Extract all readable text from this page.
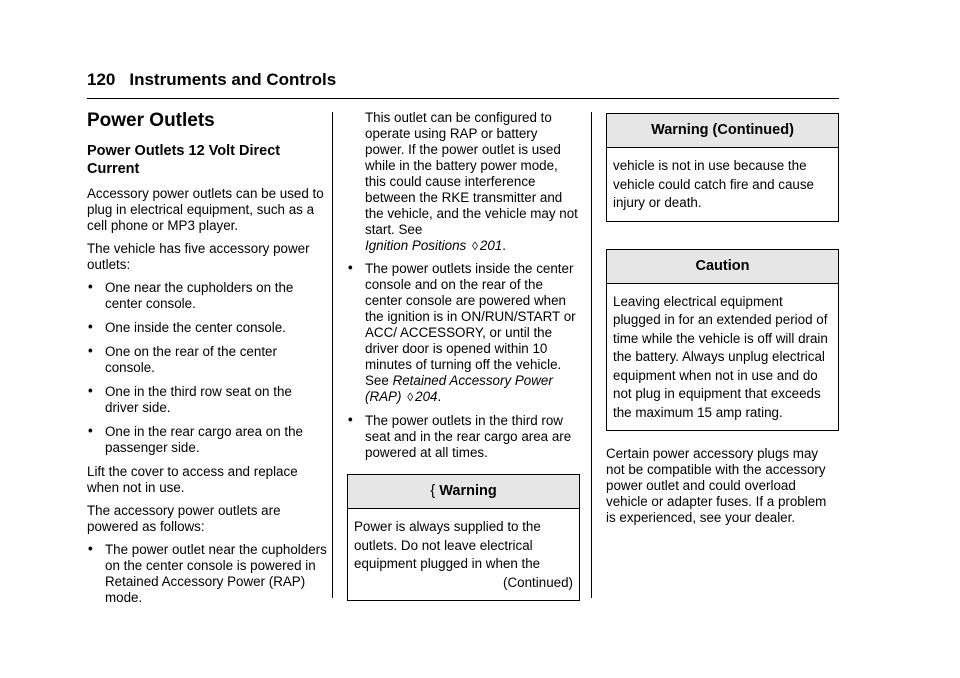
120 Instruments and Controls
Power Outlets
Power Outlets 12 Volt Direct Current

Accessory power outlets can be used to plug in electrical equipment, such as a cell phone or MP3 player.

The vehicle has five accessory power outlets:

• One near the cupholders on the center console.
• One inside the center console.
• One on the rear of the center console.
• One in the third row seat on the driver side.
• One in the rear cargo area on the passenger side.

Lift the cover to access and replace when not in use.

The accessory power outlets are powered as follows:

• The power outlet near the cupholders on the center console is powered in Retained Accessory Power (RAP) mode.
This outlet can be configured to operate using RAP or battery power. If the power outlet is used while in the battery power mode, this could cause interference between the RKE transmitter and the vehicle, and the vehicle may not start. See
Ignition Positions ◊ 201.
• The power outlets inside the center console and on the rear of the center console are powered when the ignition is in ON/RUN/START or ACC/ ACCESSORY, or until the driver door is opened within 10 minutes of turning off the vehicle. See Retained Accessory Power (RAP) ◊ 204.
• The power outlets in the third row seat and in the rear cargo area are powered at all times.
{ Warning
Power is always supplied to the outlets. Do not leave electrical equipment plugged in when the
(Continued)
Warning (Continued)
vehicle is not in use because the vehicle could catch fire and cause injury or death.
Caution
Leaving electrical equipment plugged in for an extended period of time while the vehicle is off will drain the battery. Always unplug electrical equipment when not in use and do not plug in equipment that exceeds the maximum 15 amp rating.

Certain power accessory plugs may not be compatible with the accessory power outlet and could overload vehicle or adapter fuses. If a problem is experienced, see your dealer.
